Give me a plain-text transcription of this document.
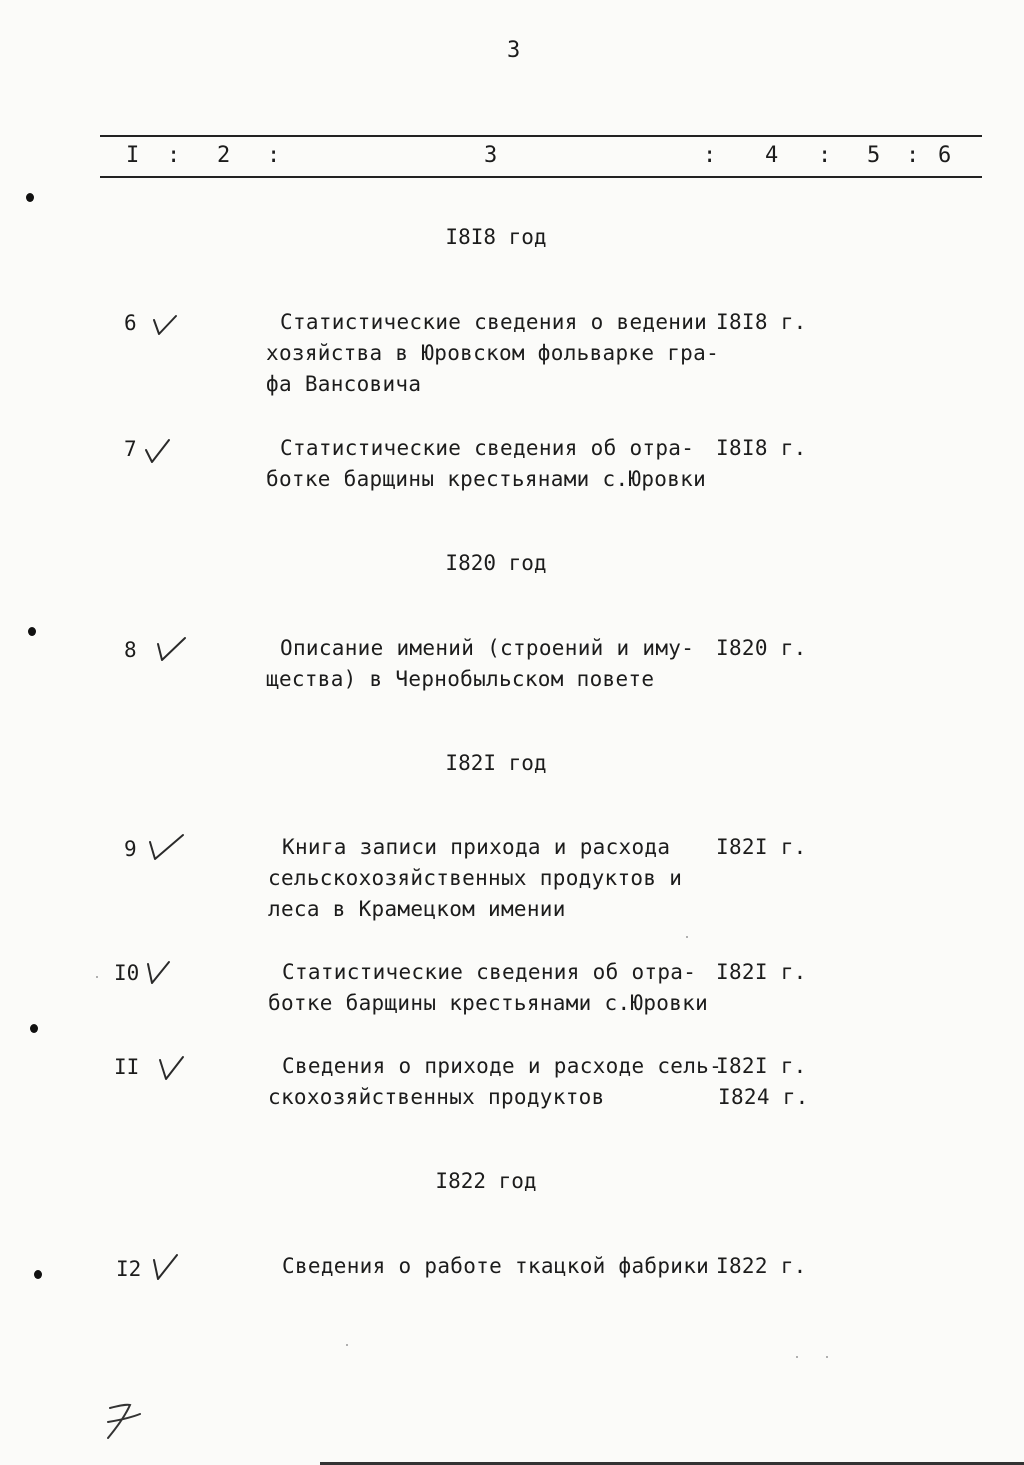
3
I : 2 :	3	: 4 : 5 : 6
I8I8 год
6	Статистические сведения о ведении
хозяйства в Юровском фольварке гра-
фа Вансовича
I8I8 г.
7	Статистические сведения об отра-
ботке барщины крестьянами с.Юровки
I8I8 г.
I820 год
8	Описание имений (строений и иму-
щества) в Чернобыльском повете
I820 г.
I82I год
9	Книга записи прихода и расхода
сельскохозяйственных продуктов и
леса в Крамецком имении
I82I г.
I0	Статистические сведения об отра-
ботке барщины крестьянами с.Юровки
I82I г.
II	Сведения о приходе и расходе сель-
скохозяйственных продуктов
I82I г.
I824 г.
I822 год
I2	Сведения о работе ткацкой фабрики I822 г.
